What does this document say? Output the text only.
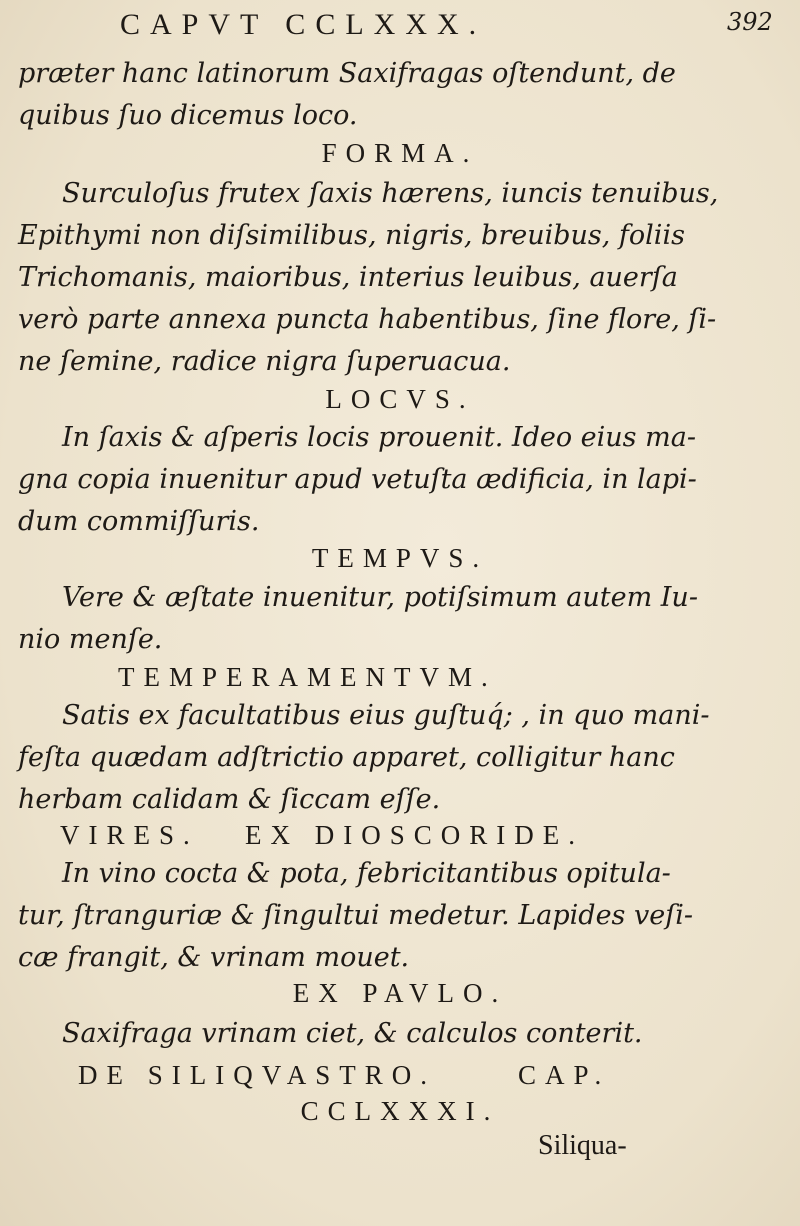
CAPVT CCLXXX.	392
præter hanc latinorum Saxifragas oſtendunt, de
quibus ſuo dicemus loco.
FORMA.
Surculoſus frutex ſaxis hærens, iuncis tenuibus,
Epithymi non diſsimilibus, nigris, breuibus, foliis
Trichomanis, maioribus, interius leuibus, auerſa
verò parte annexa puncta habentibus, ſine flore, ſi-
ne ſemine, radice nigra ſuperuacua.
LOCVS.
In ſaxis & aſperis locis prouenit. Ideo eius ma-
gna copia inuenitur apud vetuſta ædificia, in lapi-
dum commiſſuris.
TEMPVS.
Vere & æſtate inuenitur, potiſsimum autem Iu-
nio menſe.
TEMPERAMENTVM.
Satis ex facultatibus eius guſtuq́; , in quo mani-
feſta quædam adſtrictio apparet, colligitur hanc
herbam calidam & ſiccam eſſe.
VIRES. EX DIOSCORIDE.
In vino cocta & pota, febricitantibus opitula-
tur, ſtranguriæ & ſingultui medetur. Lapides veſi-
cæ frangit, & vrinam mouet.
EX PAVLO.
Saxifraga vrinam ciet, & calculos conterit.
DE SILIQVASTRO.	CAP.
CCLXXXI.
Siliqua-
